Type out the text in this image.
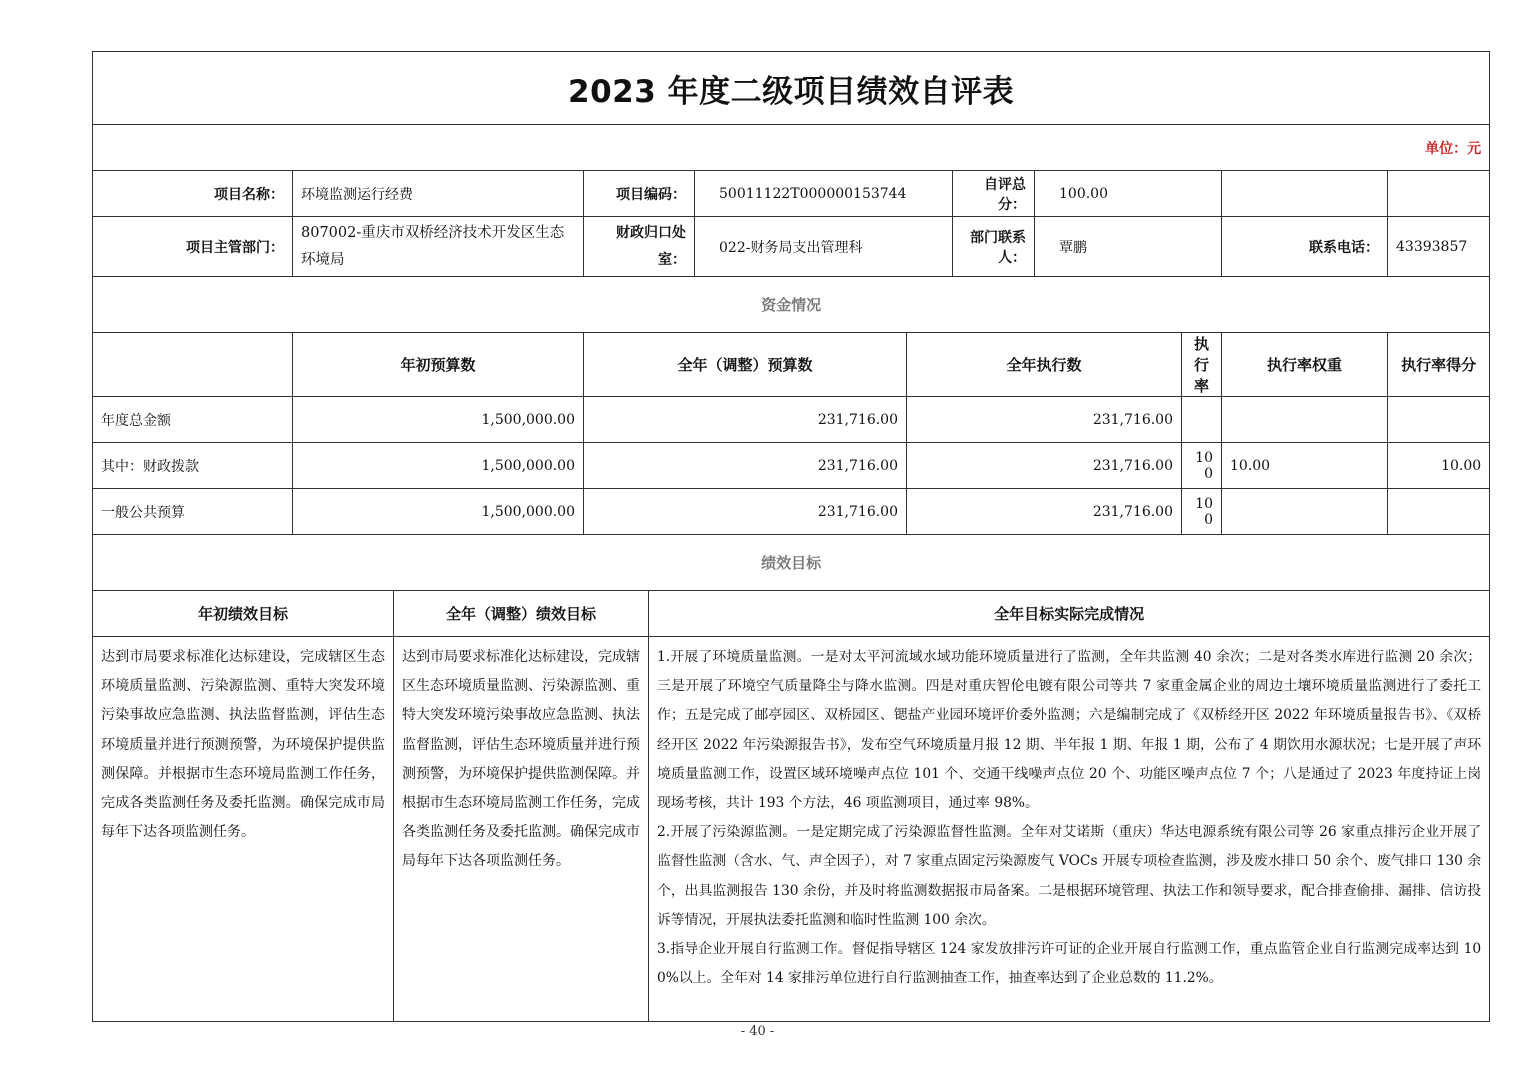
2023 年度二级项目绩效自评表											
单位：元											
项目名称：	环境监测运行经费		项目编码：		50011122T000000153744		自评总分：	100.00			
项目主管部门：	807002-重庆市双桥经济技术开发区生态环境局		财政归口处室：		022-财务局支出管理科		部门联系人：	覃鹏		联系电话：	43393857
资金情况											
	年初预算数		全年（调整）预算数			全年执行数			执行率	执行率权重	执行率得分
年度总金额	1,500,000.00		231,716.00			231,716.00					
其中：财政拨款	1,500,000.00		231,716.00			231,716.00			100	10.00	10.00
一般公共预算	1,500,000.00		231,716.00			231,716.00			100		
绩效目标											
年初绩效目标		全年（调整）绩效目标		全年目标实际完成情况							
达到市局要求标准化达标建设，完成辖区生态环境质量监测、污染源监测、重特大突发环境污染事故应急监测、执法监督监测，评估生态环境质量并进行预测预警，为环境保护提供监测保障。并根据市生态环境局监测工作任务，完成各类监测任务及委托监测。确保完成市局每年下达各项监测任务。		达到市局要求标准化达标建设，完成辖区生态环境质量监测、污染源监测、重特大突发环境污染事故应急监测、执法监督监测，评估生态环境质量并进行预测预警，为环境保护提供监测保障。并根据市生态环境局监测工作任务，完成各类监测任务及委托监测。确保完成市局每年下达各项监测任务。		1.开展了环境质量监测。一是对太平河流域水域功能环境质量进行了监测，全年共监测 40 余次；二是对各类水库进行监测 20 余次；三是开展了环境空气质量降尘与降水监测。四是对重庆智伦电镀有限公司等共 7 家重金属企业的周边土壤环境质量监测进行了委托工作；五是完成了邮亭园区、双桥园区、锶盐产业园环境评价委外监测；六是编制完成了《双桥经开区 2022 年环境质量报告书》、《双桥经开区 2022 年污染源报告书》，发布空气环境质量月报 12 期、半年报 1 期、年报 1 期，公布了 4 期饮用水源状况；七是开展了声环境质量监测工作，设置区域环境噪声点位 101 个、交通干线噪声点位 20 个、功能区噪声点位 7 个；八是通过了 2023 年度持证上岗现场考核，共计 193 个方法，46 项监测项目，通过率 98%。
2.开展了污染源监测。一是定期完成了污染源监督性监测。全年对艾诺斯（重庆）华达电源系统有限公司等 26 家重点排污企业开展了监督性监测（含水、气、声全因子），对 7 家重点固定污染源废气 VOCs 开展专项检查监测，涉及废水排口 50 余个、废气排口 130 余个，出具监测报告 130 余份，并及时将监测数据报市局备案。二是根据环境管理、执法工作和领导要求，配合排查偷排、漏排、信访投诉等情况，开展执法委托监测和临时性监测 100 余次。
3.指导企业开展自行监测工作。督促指导辖区 124 家发放排污许可证的企业开展自行监测工作，重点监管企业自行监测完成率达到 100%以上。全年对 14 家排污单位进行自行监测抽查工作，抽查率达到了企业总数的 11.2%。							
- 40 -
